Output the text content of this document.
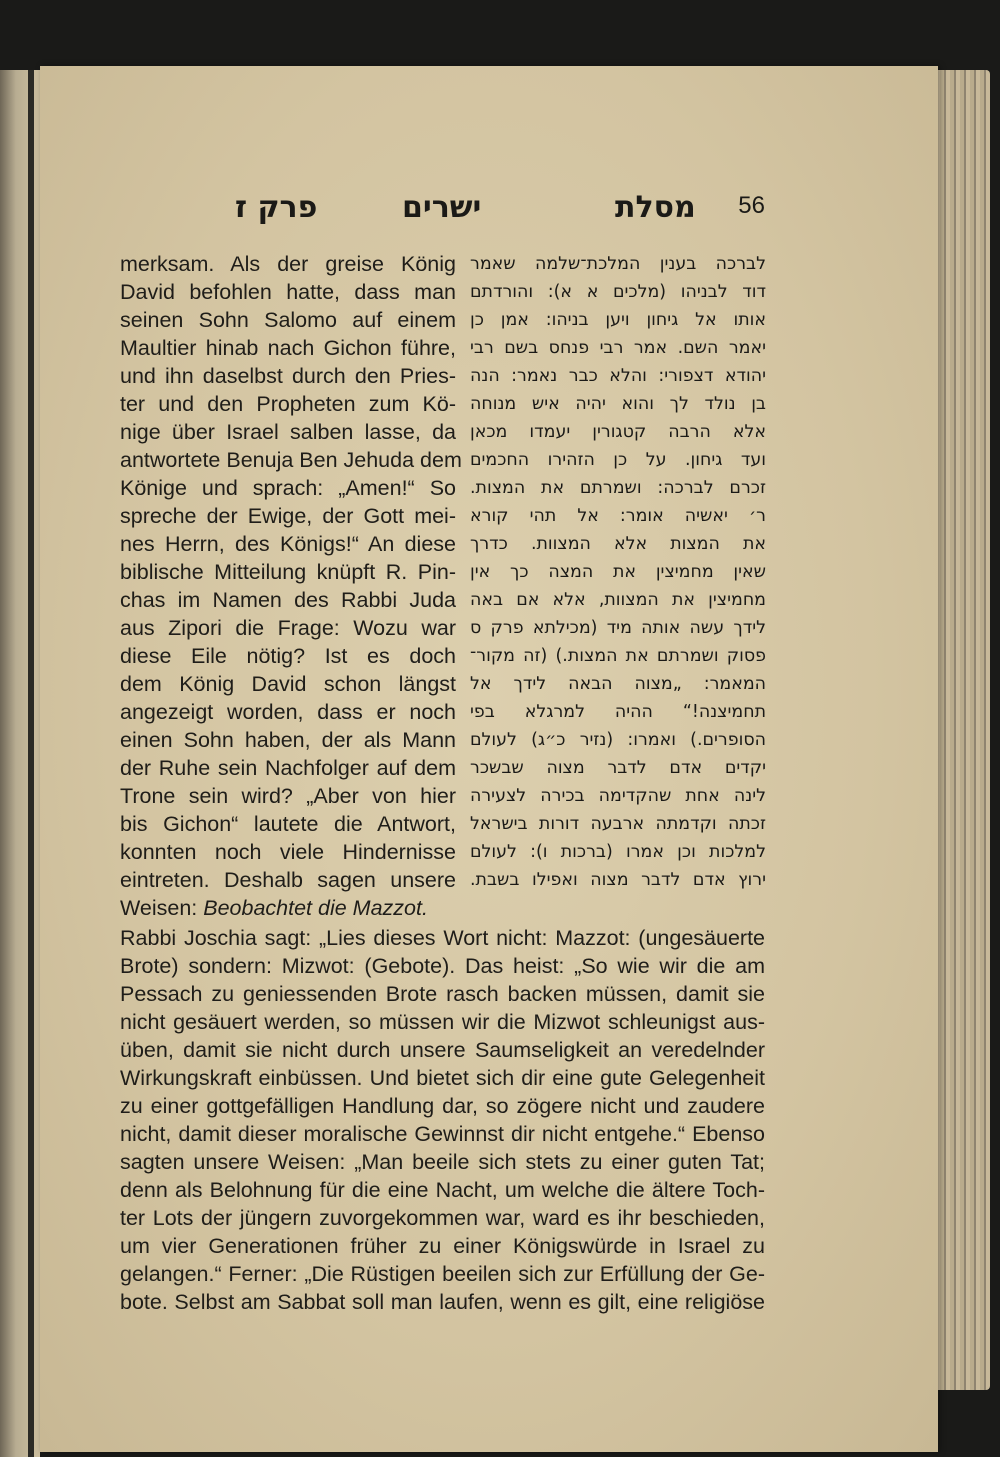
פרק ז	ישרים	מסלת 56
merksam. Als der greise König
David befohlen hatte, dass man
seinen Sohn Salomo auf einem
Maultier hinab nach Gichon führe,
und ihn daselbst durch den Pries-
ter und den Propheten zum Kö-
nige über Israel salben lasse, da
antwortete Benuja Ben Jehuda dem
Könige und sprach: „Amen!“ So
spreche der Ewige, der Gott mei-
nes Herrn, des Königs!“ An diese
biblische Mitteilung knüpft R. Pin-
chas im Namen des Rabbi Juda
aus Zipori die Frage: Wozu war
diese Eile nötig? Ist es doch
dem König David schon längst
angezeigt worden, dass er noch
einen Sohn haben, der als Mann
der Ruhe sein Nachfolger auf dem
Trone sein wird? „Aber von hier
bis Gichon“ lautete die Antwort,
konnten noch viele Hindernisse
eintreten. Deshalb sagen unsere
Weisen: Beobachtet die Mazzot.
לברכה בענין המלכת־שלמה שאמר
דוד לבניהו (מלכים א א): והורדתם
אותו אל גיחון ויען בניהו: אמן כן
יאמר השם. אמר רבי פנחס בשם רבי
יהודא דצפורי: והלא כבר נאמר: הנה
בן נולד לך והוא יהיה איש מנוחה
אלא הרבה קטגורין יעמדו מכאן
ועד גיחון. על כן הזהירו החכמים
זכרם לברכה: ושמרתם את המצות.
ר׳ יאשיה אומר: אל תהי קורא
את המצות אלא המצוות. כדרך
שאין מחמיצין את המצה כך אין
מחמיצין את המצוות, אלא אם באה
לידך עשה אותה מיד (מכילתא פרק ס
פסוק ושמרתם את המצות.) (זה מקור־
המאמר: „מצוה הבאה לידך אל
תחמיצנה!“ ההיה למרגלא בפי
הסופרים.) ואמרו: (נזיר כ״ג) לעולם
יקדים אדם לדבר מצוה שבשכר
לינה אחת שהקדימה בכירה לצעירה
זכתה וקדמתה ארבעה דורות בישראל
למלכות וכן אמרו (ברכות ו): לעולם
ירוץ אדם לדבר מצוה ואפילו בשבת.
Rabbi Joschia sagt: „Lies dieses Wort nicht: Mazzot: (ungesäuerte
Brote) sondern: Mizwot: (Gebote). Das heist: „So wie wir die am
Pessach zu geniessenden Brote rasch backen müssen, damit sie
nicht gesäuert werden, so müssen wir die Mizwot schleunigst aus-
üben, damit sie nicht durch unsere Saumseligkeit an veredelnder
Wirkungskraft einbüssen. Und bietet sich dir eine gute Gelegenheit
zu einer gottgefälligen Handlung dar, so zögere nicht und zaudere
nicht, damit dieser moralische Gewinnst dir nicht entgehe.“ Ebenso
sagten unsere Weisen: „Man beeile sich stets zu einer guten Tat;
denn als Belohnung für die eine Nacht, um welche die ältere Toch-
ter Lots der jüngern zuvorgekommen war, ward es ihr beschieden,
um vier Generationen früher zu einer Königswürde in Israel zu
gelangen.“ Ferner: „Die Rüstigen beeilen sich zur Erfüllung der Ge-
bote. Selbst am Sabbat soll man laufen, wenn es gilt, eine religiöse
